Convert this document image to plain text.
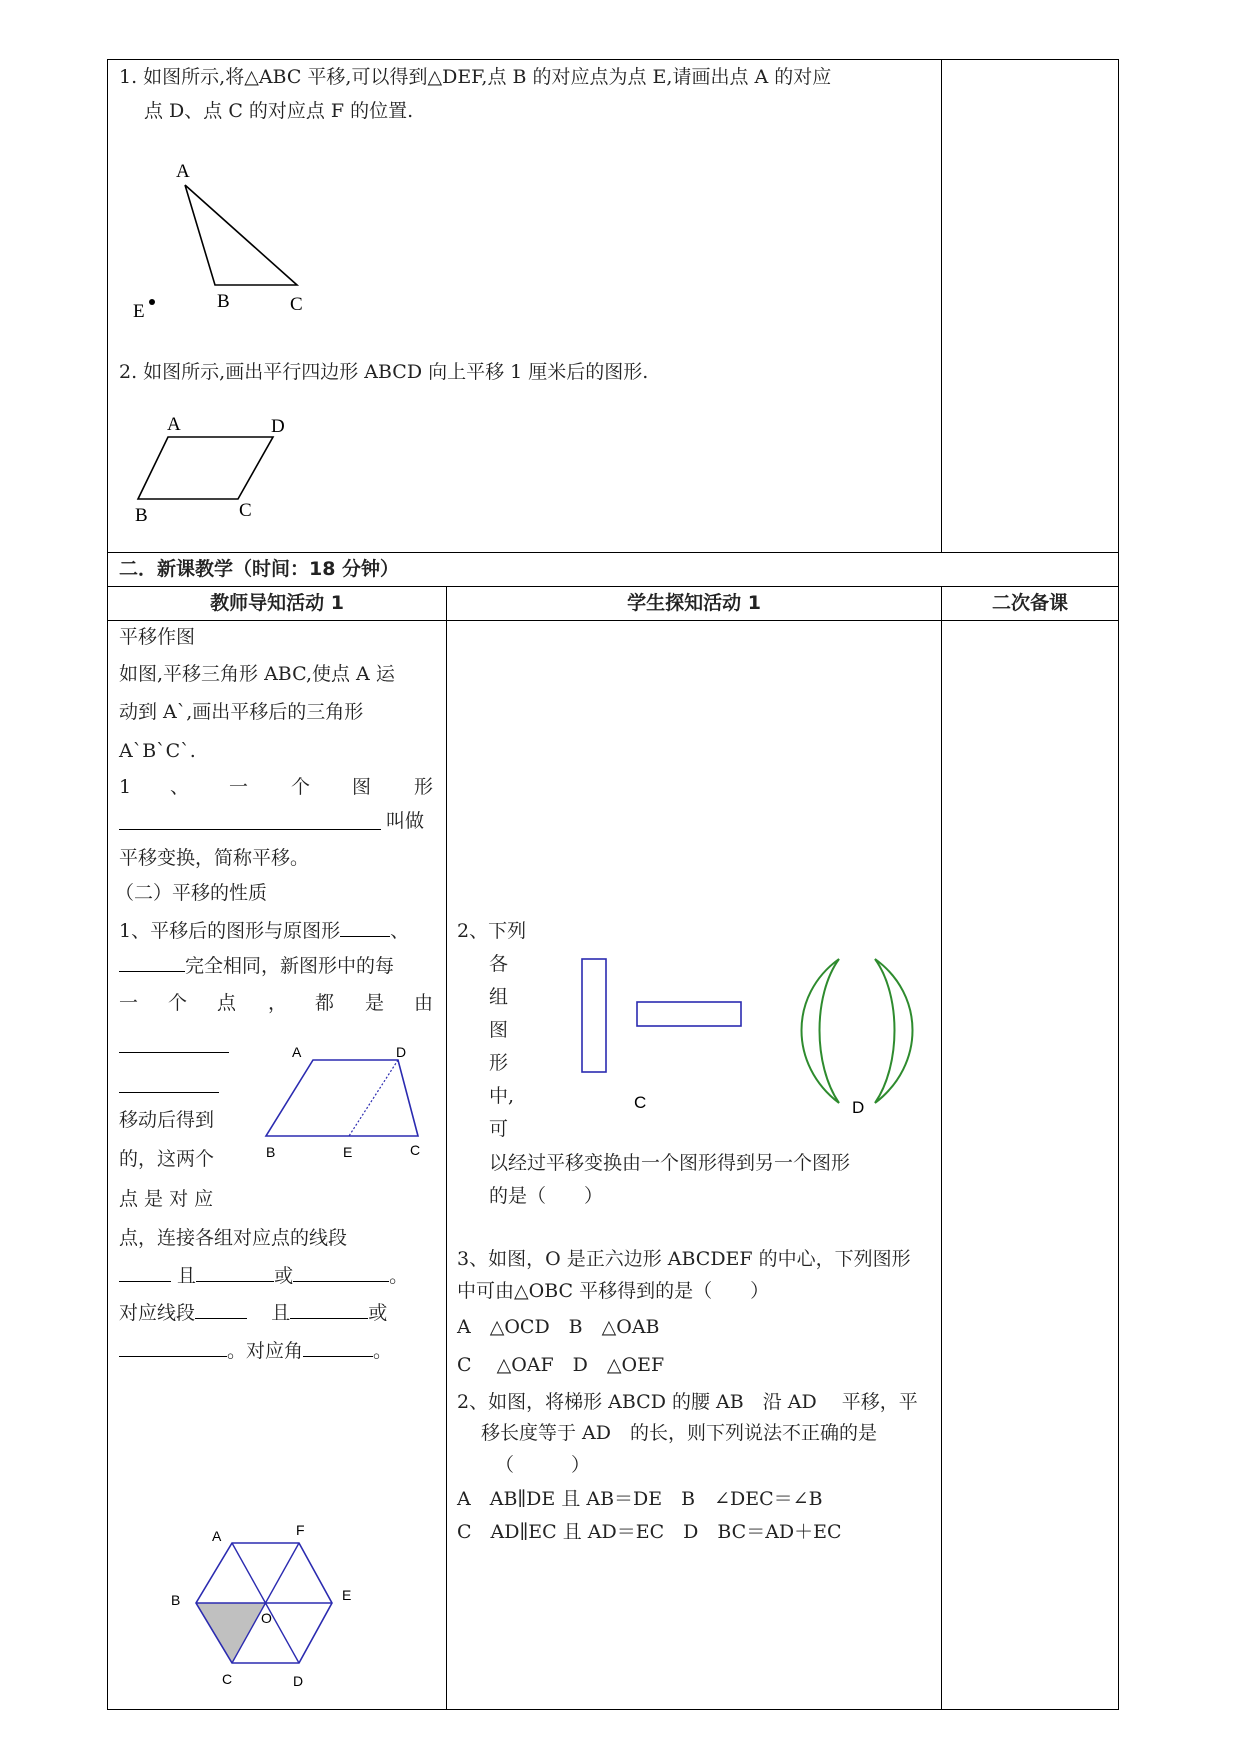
1. 如图所示,将△ABC 平移,可以得到△DEF,点 B 的对应点为点 E,请画出点 A 的对应
点 D、点 C 的对应点 F 的位置.
A
B	C
E
2. 如图所示,画出平行四边形 ABCD 向上平移 1 厘米后的图形.
A	D
B	C
二．新课教学（时间：18 分钟）
教师导知活动 1	学生探知活动 1	二次备课
平移作图
如图,平移三角形 ABC,使点 A 运
动到 A`,画出平移后的三角形
A`B`C`.
1 、 一 个 图 形
叫做
平移变换，简称平移。
（二）平移的性质
1、平移后的图形与原图形	、
完全相同，新图形中的每
一 个 点 ， 都 是 由
A	D
B	E	C
移动后得到
的，这两个
点 是 对 应
点，连接各组对应点的线段
且	或	。
对应线段	且	或
。对应角	。
A	F
B	E
O
C	D
2、下列
各
组
图
形
中,
可
C	D
以经过平移变换由一个图形得到另一个图形
的是（　　）
3、如图，O 是正六边形 ABCDEF 的中心，下列图形
中可由△OBC 平移得到的是（　　）
A　△OCD　B　△OAB
C　 △OAF　D　△OEF
2、如图，将梯形 ABCD 的腰 AB　沿 AD　 平移，平
移长度等于 AD　的长，则下列说法不正确的是
（　　　）
A　AB∥DE 且 AB＝DE　B　∠DEC＝∠B
C　AD∥EC 且 AD＝EC　D　BC＝AD＋EC
